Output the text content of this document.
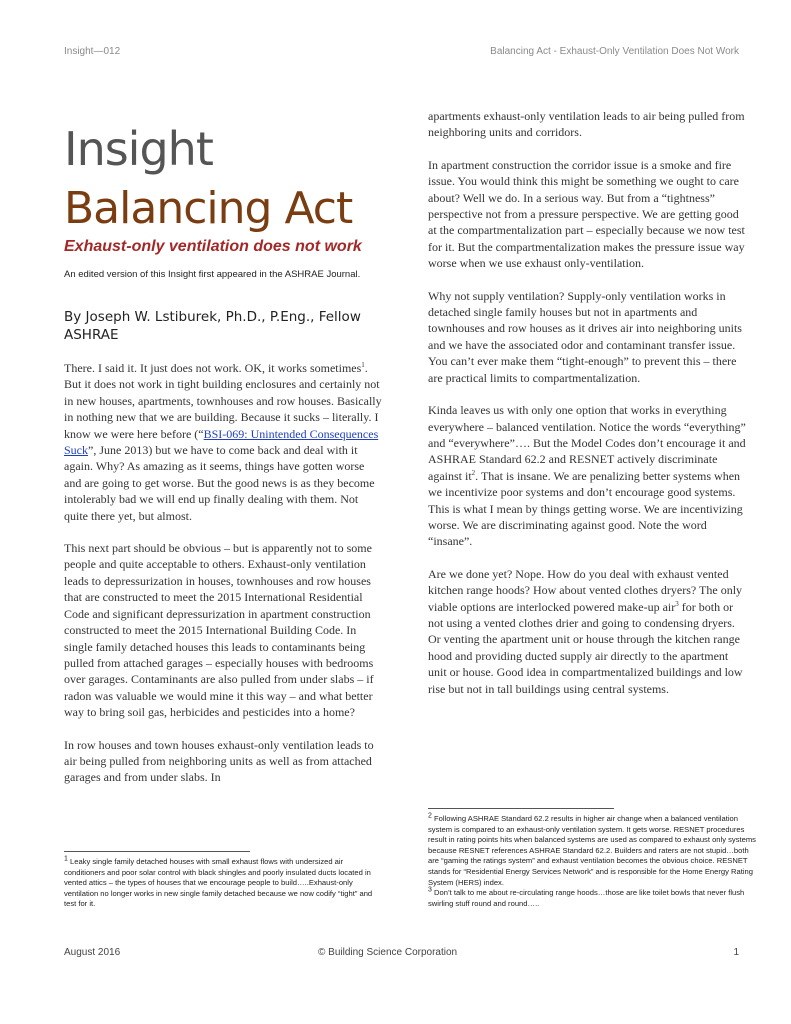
Insight—012	Balancing Act - Exhaust-Only Ventilation Does Not Work
Insight
Balancing Act
Exhaust-only ventilation does not work
An edited version of this Insight first appeared in the ASHRAE Journal.
By Joseph W. Lstiburek, Ph.D., P.Eng., Fellow ASHRAE

There. I said it. It just does not work. OK, it works sometimes$^1$. But it does not work in tight building enclosures and certainly not in new houses, apartments, townhouses and row houses. Basically in nothing new that we are building. Because it sucks – literally. I know we were here before (“BSI-069: Unintended Consequences Suck”, June 2013) but we have to come back and deal with it again. Why? As amazing as it seems, things have gotten worse and are going to get worse. But the good news is as they become intolerably bad we will end up finally dealing with them. Not quite there yet, but almost.

This next part should be obvious – but is apparently not to some people and quite acceptable to others. Exhaust-only ventilation leads to depressurization in houses, townhouses and row houses that are constructed to meet the 2015 International Residential Code and significant depressurization in apartment construction constructed to meet the 2015 International Building Code. In single family detached houses this leads to contaminants being pulled from attached garages – especially houses with bedrooms over garages. Contaminants are also pulled from under slabs – if radon was valuable we would mine it this way – and what better way to bring soil gas, herbicides and pesticides into a home?

In row houses and town houses exhaust-only ventilation leads to air being pulled from neighboring units as well as from attached garages and from under slabs. In

$^1$ Leaky single family detached houses with small exhaust flows with undersized air conditioners and poor solar control with black shingles and poorly insulated ducts located in vented attics – the types of houses that we encourage people to build…..Exhaust-only ventilation no longer works in new single family detached because we now codify “tight” and test for it.

apartments exhaust-only ventilation leads to air being pulled from neighboring units and corridors.

In apartment construction the corridor issue is a smoke and fire issue. You would think this might be something we ought to care about? Well we do. In a serious way. But from a “tightness” perspective not from a pressure perspective. We are getting good at the compartmentalization part – especially because we now test for it. But the compartmentalization makes the pressure issue way worse when we use exhaust only-ventilation.

Why not supply ventilation? Supply-only ventilation works in detached single family houses but not in apartments and townhouses and row houses as it drives air into neighboring units and we have the associated odor and contaminant transfer issue. You can’t ever make them “tight-enough” to prevent this – there are practical limits to compartmentalization.

Kinda leaves us with only one option that works in everything everywhere – balanced ventilation. Notice the words “everything” and “everywhere”…. But the Model Codes don’t encourage it and ASHRAE Standard 62.2 and RESNET actively discriminate against $it^2$. That is insane. We are penalizing better systems when we incentivize poor systems and don’t encourage good systems. This is what I mean by things getting worse. We are incentivizing worse. We are discriminating against good. Note the word “insane”.

Are we done yet? Nope. How do you deal with exhaust vented kitchen range hoods? How about vented clothes dryers? The only viable options are interlocked powered make-up air$^3$ for both or not using a vented clothes drier and going to condensing dryers. Or venting the apartment unit or house through the kitchen range hood and providing ducted supply air directly to the apartment unit or house. Good idea in compartmentalized buildings and low rise but not in tall buildings using central systems.

$^2$ Following ASHRAE Standard 62.2 results in higher air change when a balanced ventilation system is compared to an exhaust-only ventilation system. It gets worse. RESNET procedures result in rating points hits when balanced systems are used as compared to exhaust only systems because RESNET references ASHRAE Standard 62.2. Builders and raters are not stupid…both are “gaming the ratings system” and exhaust ventilation becomes the obvious choice. RESNET stands for “Residential Energy Services Network” and is responsible for the Home Energy Rating System (HERS) index.

$^3$ Don’t talk to me about re-circulating range hoods…those are like toilet bowls that never flush swirling stuff round and round…..

August 2016	© Building Science Corporation	1
